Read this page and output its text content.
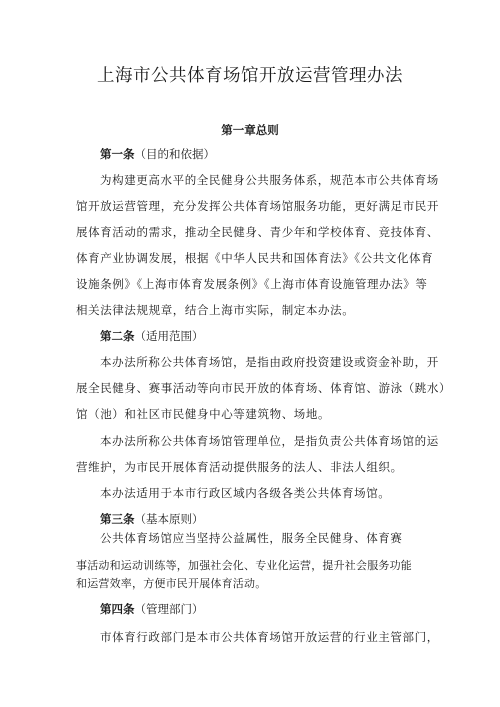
上海市公共体育场馆开放运营管理办法
第一章总则
第一条（目的和依据）
为构建更高水平的全民健身公共服务体系，规范本市公共体育场
馆开放运营管理，充分发挥公共体育场馆服务功能，更好满足市民开
展体育活动的需求，推动全民健身、青少年和学校体育、竞技体育、
体育产业协调发展，根据《中华人民共和国体育法》《公共文化体育
设施条例》《上海市体育发展条例》《上海市体育设施管理办法》等
相关法律法规规章，结合上海市实际，制定本办法。
第二条（适用范围）
本办法所称公共体育场馆，是指由政府投资建设或资金补助，开
展全民健身、赛事活动等向市民开放的体育场、体育馆、游泳（跳水）
馆（池）和社区市民健身中心等建筑物、场地。
本办法所称公共体育场馆管理单位，是指负责公共体育场馆的运
营维护，为市民开展体育活动提供服务的法人、非法人组织。
本办法适用于本市行政区域内各级各类公共体育场馆。
第三条（基本原则）
公共体育场馆应当坚持公益属性，服务全民健身、体育赛
事活动和运动训练等，加强社会化、专业化运营，提升社会服务功能
和运营效率，方便市民开展体育活动。
第四条（管理部门）
市体育行政部门是本市公共体育场馆开放运营的行业主管部门，
